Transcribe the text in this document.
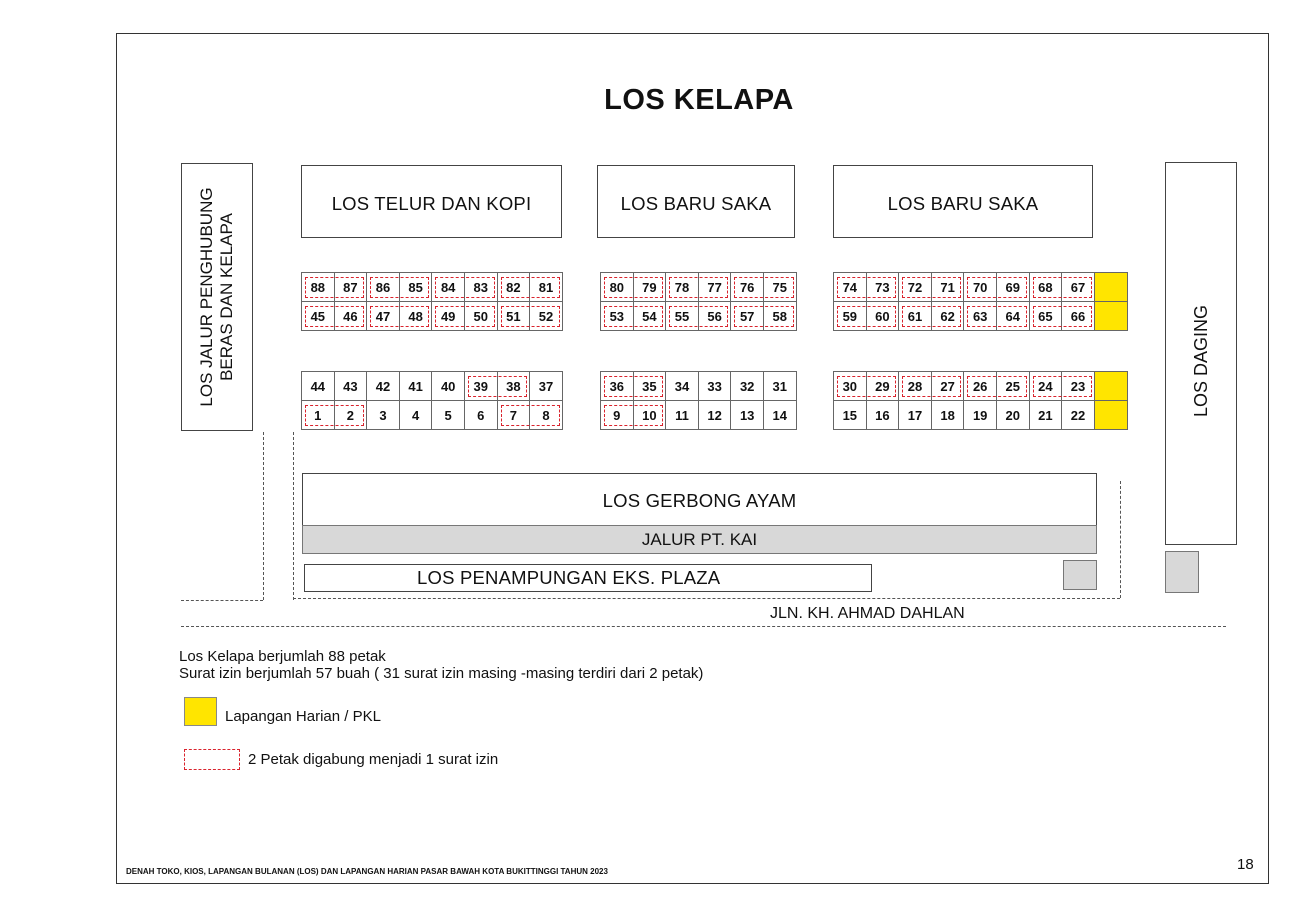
LOS KELAPA
LOS TELUR DAN KOPI	LOS BARU SAKA	LOS BARU SAKA
LOS JALUR PENGHUBUNG BERAS DAN KELAPA	LOS DAGING
88	87	86	85	84	83	82	81
45	46	47	48	49	50	51	52
80	79	78	77	76	75
53	54	55	56	57	58
74	73	72	71	70	69	68	67
59	60	61	62	63	64	65	66
44	43	42	41	40	39	38	37
1	2	3	4	5	6	7	8
36	35	34	33	32	31
9	10	11	12	13	14
30	29	28	27	26	25	24	23
15	16	17	18	19	20	21	22
LOS GERBONG AYAM
JALUR PT. KAI
LOS PENAMPUNGAN EKS. PLAZA
JLN. KH. AHMAD DAHLAN
Los Kelapa berjumlah 88 petak
Surat izin berjumlah 57 buah ( 31 surat izin masing -masing terdiri dari 2 petak)
Lapangan Harian / PKL
2 Petak digabung menjadi 1 surat izin
DENAH TOKO, KIOS, LAPANGAN BULANAN (LOS) DAN LAPANGAN HARIAN PASAR BAWAH KOTA BUKITTINGGI TAHUN 2023	18
